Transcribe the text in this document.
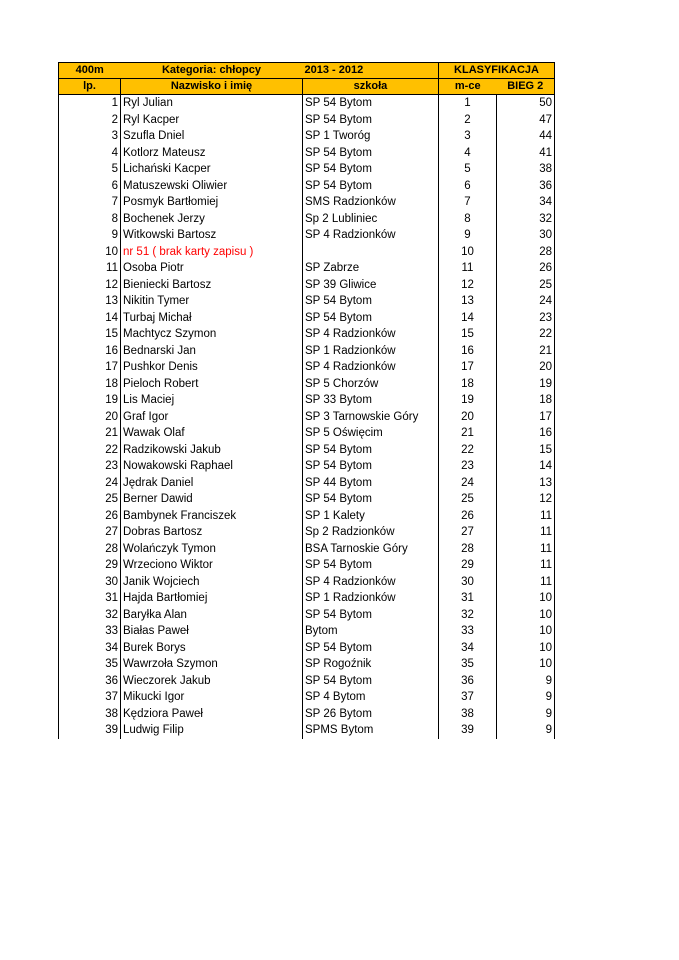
400m	Kategoria: chłopcy	2013 - 2012	KLASYFIKACJA	
lp.	Nazwisko i imię	szkoła	m-ce	BIEG 2
1	Ryl Julian	SP 54 Bytom	1	50
2	Ryl Kacper	SP 54 Bytom	2	47
3	Szufla Dniel	SP 1 Tworóg	3	44
4	Kotlorz Mateusz	SP 54 Bytom	4	41
5	Lichański Kacper	SP 54 Bytom	5	38
6	Matuszewski Oliwier	SP 54 Bytom	6	36
7	Posmyk Bartłomiej	SMS Radzionków	7	34
8	Bochenek Jerzy	Sp 2 Lubliniec	8	32
9	Witkowski Bartosz	SP 4 Radzionków	9	30
10	nr 51 ( brak karty zapisu )		10	28
11	Osoba Piotr	SP Zabrze	11	26
12	Bieniecki Bartosz	SP 39 Gliwice	12	25
13	Nikitin Tymer	SP 54 Bytom	13	24
14	Turbaj Michał	SP 54 Bytom	14	23
15	Machtycz Szymon	SP 4 Radzionków	15	22
16	Bednarski Jan	SP 1 Radzionków	16	21
17	Pushkor Denis	SP 4 Radzionków	17	20
18	Pieloch Robert	SP 5 Chorzów	18	19
19	Lis Maciej	SP 33 Bytom	19	18
20	Graf Igor	SP 3 Tarnowskie Góry	20	17
21	Wawak Olaf	SP 5 Oświęcim	21	16
22	Radzikowski Jakub	SP 54 Bytom	22	15
23	Nowakowski Raphael	SP 54 Bytom	23	14
24	Jędrak Daniel	SP 44 Bytom	24	13
25	Berner Dawid	SP 54 Bytom	25	12
26	Bambynek Franciszek	SP 1 Kalety	26	11
27	Dobras Bartosz	Sp 2 Radzionków	27	11
28	Wolańczyk Tymon	BSA Tarnoskie Góry	28	11
29	Wrzeciono Wiktor	SP 54 Bytom	29	11
30	Janik Wojciech	SP 4 Radzionków	30	11
31	Hajda Bartłomiej	SP 1 Radzionków	31	10
32	Baryłka Alan	SP 54 Bytom	32	10
33	Białas Paweł	Bytom	33	10
34	Burek Borys	SP 54 Bytom	34	10
35	Wawrzoła Szymon	SP Rogoźnik	35	10
36	Wieczorek Jakub	SP 54 Bytom	36	9
37	Mikucki Igor	SP 4 Bytom	37	9
38	Kędziora Paweł	SP 26 Bytom	38	9
39	Ludwig Filip	SPMS Bytom	39	9
